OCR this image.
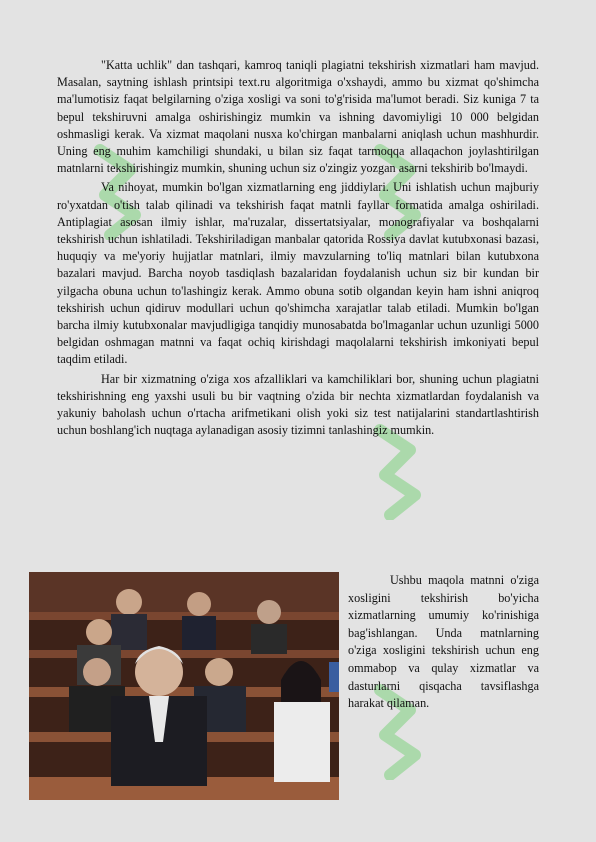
"Katta uchlik" dan tashqari, kamroq taniqli plagiatni tekshirish xizmatlari ham mavjud. Masalan, saytning ishlash printsipi text.ru algoritmiga o'xshaydi, ammo bu xizmat qo'shimcha ma'lumotisiz faqat belgilarning o'ziga xosligi va soni to'g'risida ma'lumot beradi. Siz kuniga 7 ta bepul tekshiruvni amalga oshirishingiz mumkin va ishning davomiyligi 10 000 belgidan oshmasligi kerak. Va xizmat maqolani nusxa ko'chirgan manbalarni aniqlash uchun mashhurdir. Uning eng muhim kamchiligi shundaki, u bilan siz faqat tarmoqqa allaqachon joylashtirilgan matnlarni tekshirishingiz mumkin, shuning uchun siz o'zingiz yozgan asarni tekshirib bo'lmaydi.

Va nihoyat, mumkin bo'lgan xizmatlarning eng jiddiylari. Uni ishlatish uchun majburiy ro'yxatdan o'tish talab qilinadi va tekshirish faqat matnli fayllar formatida amalga oshiriladi. Antiplagiat asosan ilmiy ishlar, ma'ruzalar, dissertatsiyalar, monografiyalar va boshqalarni tekshirish uchun ishlatiladi. Tekshiriladigan manbalar qatorida Rossiya davlat kutubxonasi bazasi, huquqiy va me'yoriy hujjatlar matnlari, ilmiy mavzularning to'liq matnlari bilan kutubxona bazalari mavjud. Barcha noyob tasdiqlash bazalaridan foydalanish uchun siz bir kundan bir yilgacha obuna uchun to'lashingiz kerak. Ammo obuna sotib olgandan keyin ham ishni aniqroq tekshirish uchun qidiruv modullari uchun qo'shimcha xarajatlar talab etiladi. Mumkin bo'lgan barcha ilmiy kutubxonalar mavjudligiga tanqidiy munosabatda bo'lmaganlar uchun uzunligi 5000 belgidan oshmagan matnni va faqat ochiq kirishdagi maqolalarni tekshirish imkoniyati bepul taqdim etiladi.

Har bir xizmatning o'ziga xos afzalliklari va kamchiliklari bor, shuning uchun plagiatni tekshirishning eng yaxshi usuli bu bir vaqtning o'zida bir nechta xizmatlardan foydalanish va yakuniy baholash uchun o'rtacha arifmetikani olish yoki siz test natijalarini standartlashtirish uchun boshlang'ich nuqtaga aylanadigan asosiy tizimni tanlashingiz mumkin.

Ushbu maqola matnni o'ziga xosligini tekshirish bo'yicha xizmatlarning umumiy ko'rinishiga bag'ishlangan. Unda matnlarning o'ziga xosligini tekshirish uchun eng ommabop va qulay xizmatlar va dasturlarni qisqacha tavsiflashga harakat qilaman.
